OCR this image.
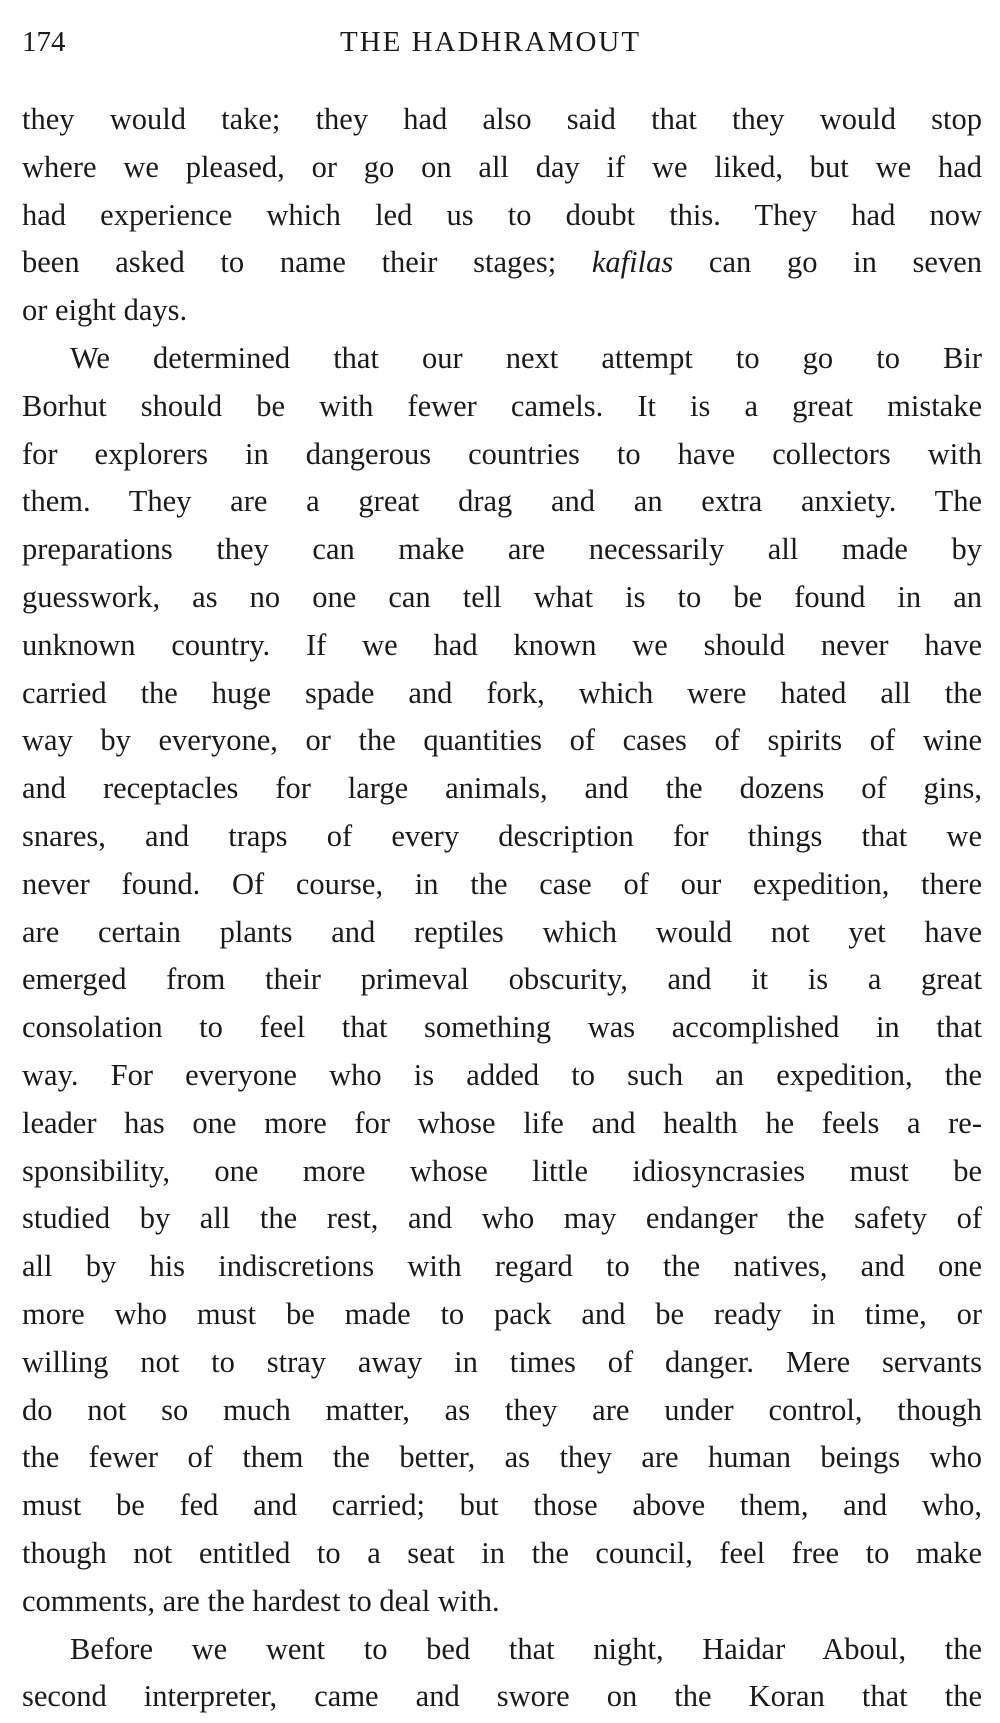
174	THE HADHRAMOUT
they would take; they had also said that they would stop
where we pleased, or go on all day if we liked, but we had
had experience which led us to doubt this. They had now
been asked to name their stages; kafilas can go in seven
or eight days.
We determined that our next attempt to go to Bir
Borhut should be with fewer camels. It is a great mistake
for explorers in dangerous countries to have collectors with
them. They are a great drag and an extra anxiety. The
preparations they can make are necessarily all made by
guesswork, as no one can tell what is to be found in an
unknown country. If we had known we should never have
carried the huge spade and fork, which were hated all the
way by everyone, or the quantities of cases of spirits of wine
and receptacles for large animals, and the dozens of gins,
snares, and traps of every description for things that we
never found. Of course, in the case of our expedition, there
are certain plants and reptiles which would not yet have
emerged from their primeval obscurity, and it is a great
consolation to feel that something was accomplished in that
way. For everyone who is added to such an expedition, the
leader has one more for whose life and health he feels a re-
sponsibility, one more whose little idiosyncrasies must be
studied by all the rest, and who may endanger the safety of
all by his indiscretions with regard to the natives, and one
more who must be made to pack and be ready in time, or
willing not to stray away in times of danger. Mere servants
do not so much matter, as they are under control, though
the fewer of them the better, as they are human beings who
must be fed and carried; but those above them, and who,
though not entitled to a seat in the council, feel free to make
comments, are the hardest to deal with.
Before we went to bed that night, Haidar Aboul, the
second interpreter, came and swore on the Koran that the
